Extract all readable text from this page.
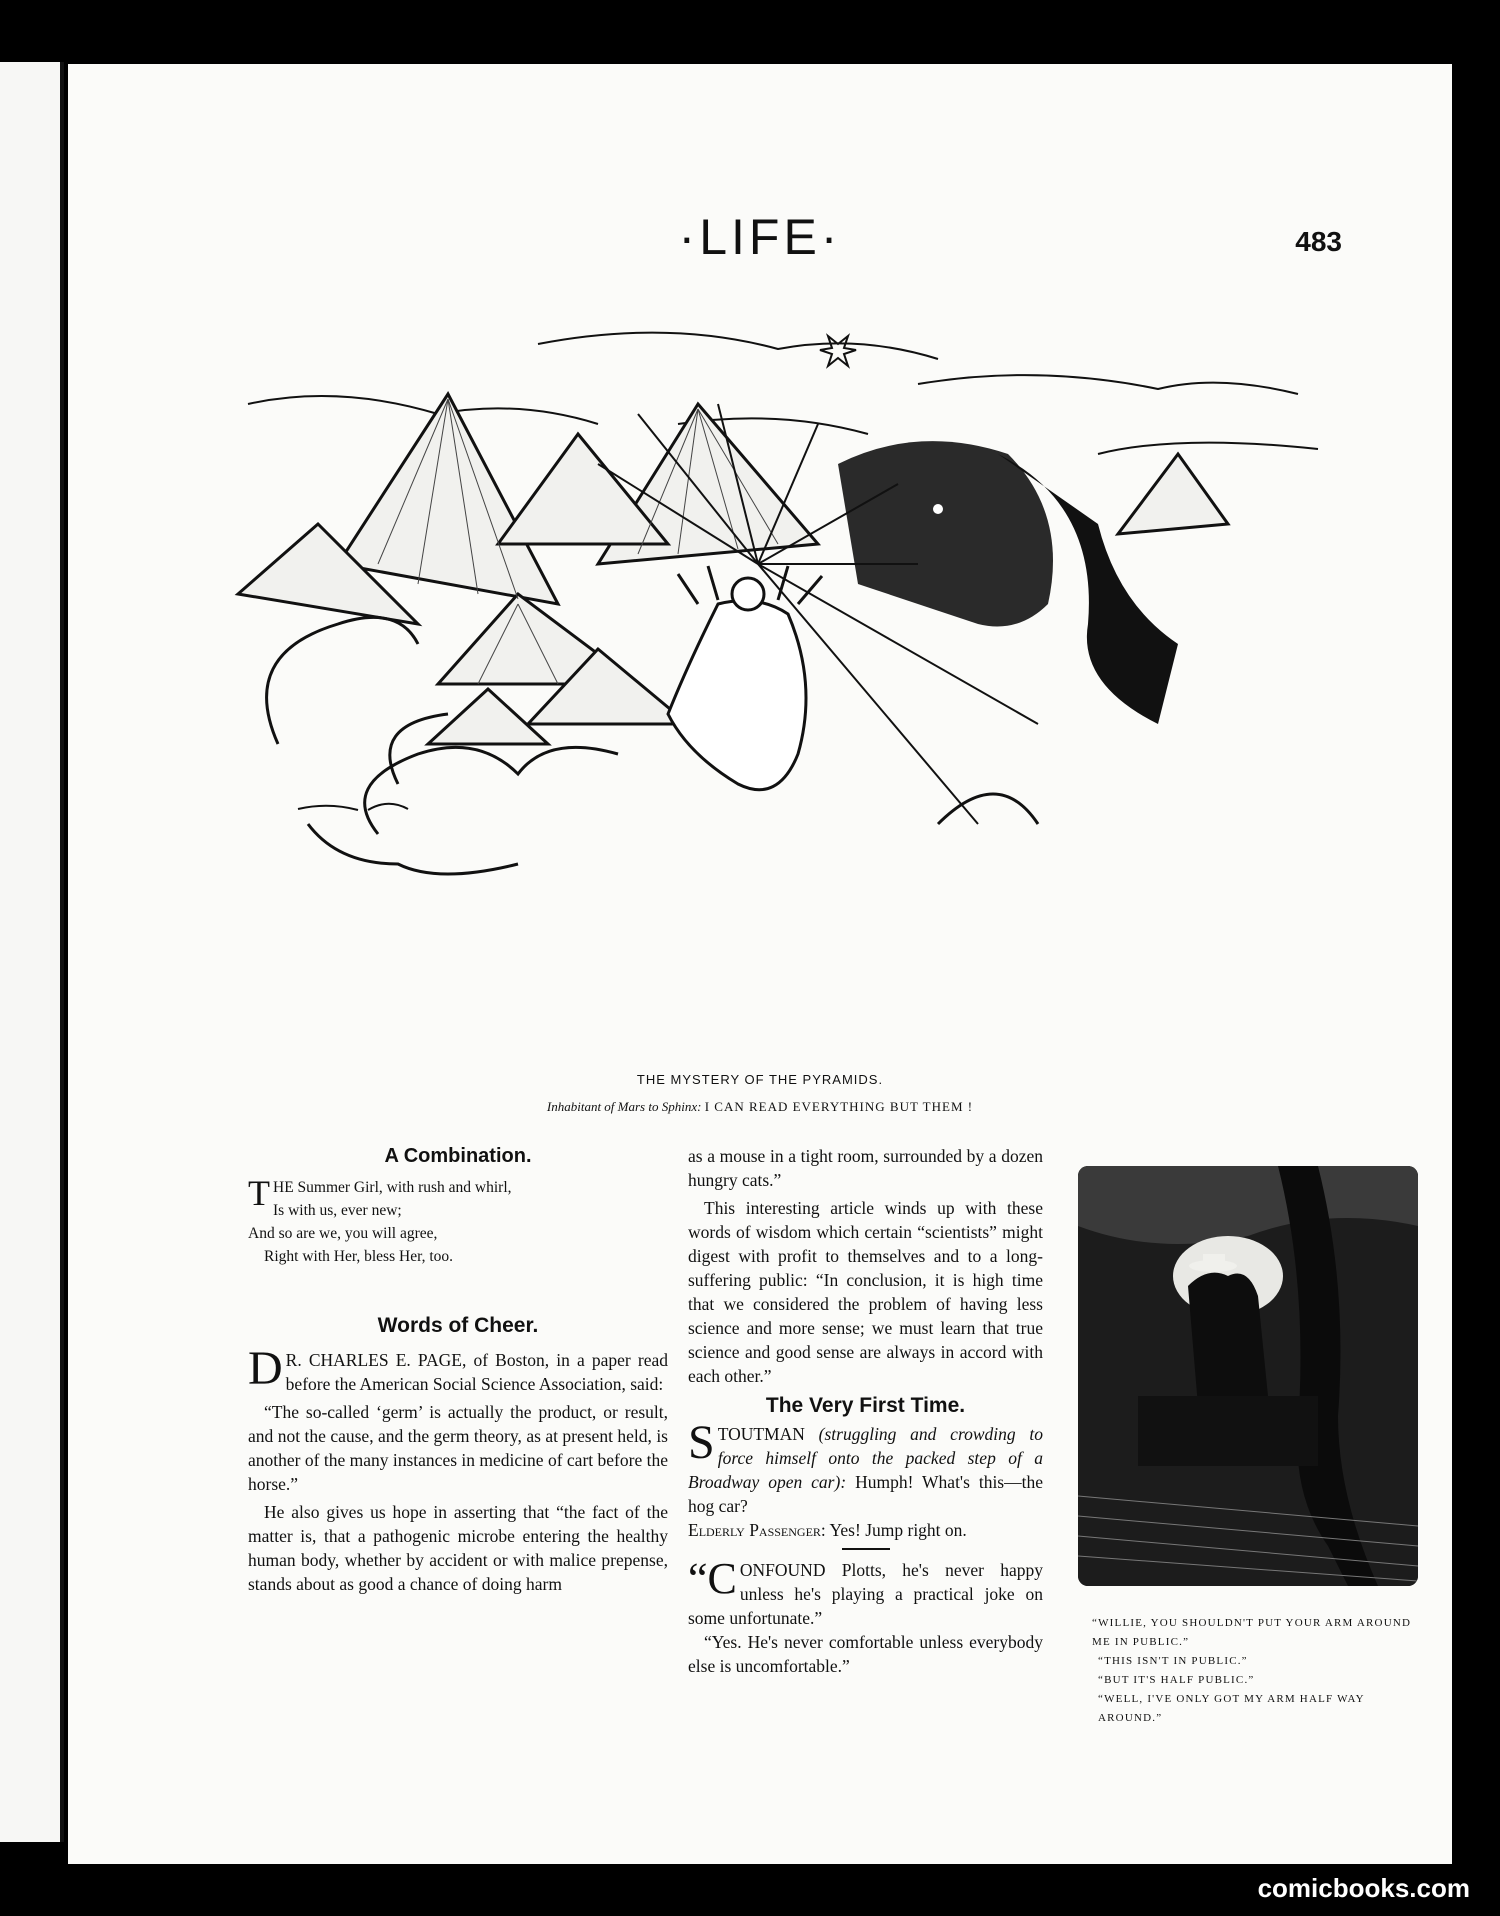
·LIFE·	483
THE MYSTERY OF THE PYRAMIDS.
Inhabitant of Mars to Sphinx: I CAN READ EVERYTHING BUT THEM !
A Combination.
T HE Summer Girl, with rush and whirl,
Is with us, ever new;
And so are we, you will agree,
Right with Her, bless Her, too.
Words of Cheer.

D R. CHARLES E. PAGE, of Boston, in a paper read before the American Social Science Association, said:

“The so-called ‘germ’ is actually the product, or result, and not the cause, and the germ theory, as at present held, is another of the many instances in medicine of cart before the horse.”

He also gives us hope in asserting that “the fact of the matter is, that a pathogenic microbe entering the healthy human body, whether by accident or with malice prepense, stands about as good a chance of doing harm

as a mouse in a tight room, surrounded by a dozen hungry cats.”

This interesting article winds up with these words of wisdom which certain “scientists” might digest with profit to themselves and to a long-suffering public: “In conclusion, it is high time that we considered the problem of having less science and more sense; we must learn that true science and good sense are always in accord with each other.”

The Very First Time.

STOUTMAN (struggling and crowding to force himself onto the packed step of a Broadway open car): Humph! What's this—the hog car?

Elderly Passenger: Yes! Jump right on.

“C ONFOUND Plotts, he's never happy unless he's playing a practical joke on some unfortunate.”

“Yes. He's never comfortable unless everybody else is uncomfortable.”

“WILLIE, YOU SHOULDN'T PUT YOUR ARM AROUND ME IN PUBLIC.”
“THIS ISN'T IN PUBLIC.”
“BUT IT'S HALF PUBLIC.”
“WELL, I'VE ONLY GOT MY ARM HALF WAY AROUND.”
comicbooks.com
